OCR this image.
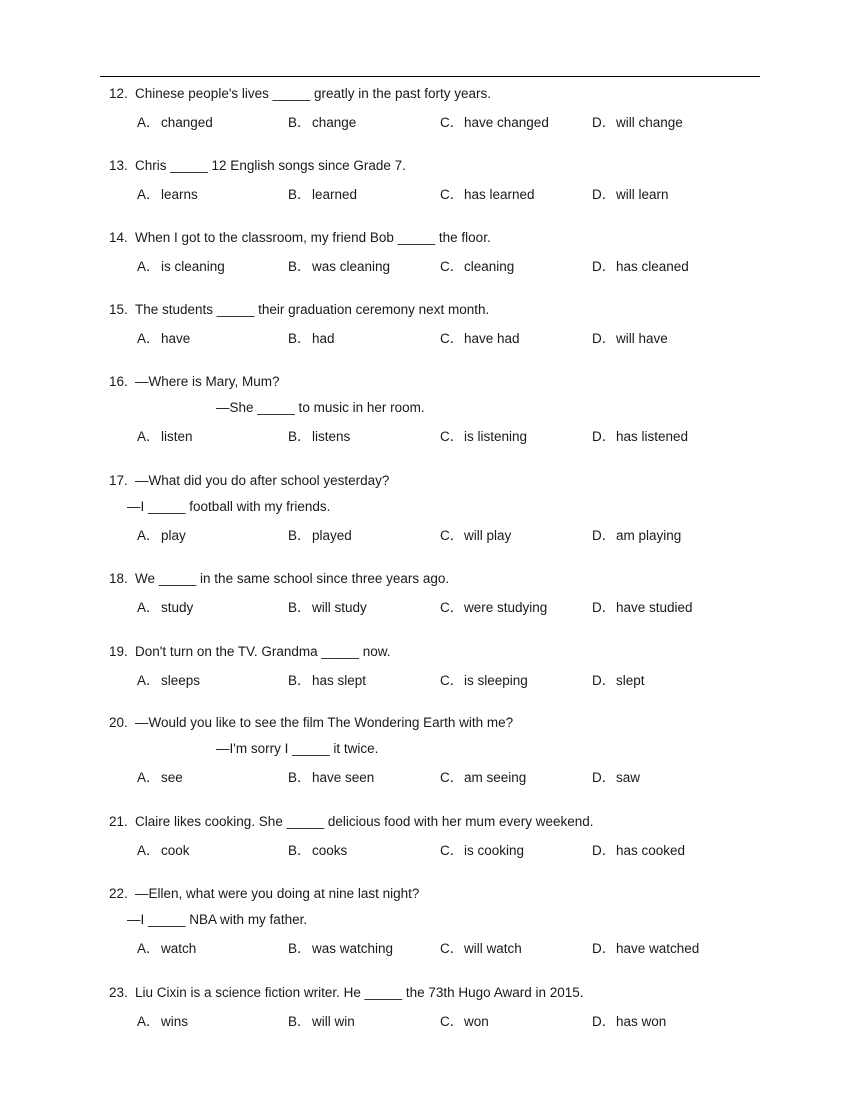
12. Chinese people's lives _____ greatly in the past forty years.
A．changed	B．change	C．have changed	D．will change
13. Chris _____ 12 English songs since Grade 7.
A．learns	B．learned	C．has learned	D．will learn
14. When I got to the classroom, my friend Bob _____ the floor.
A．is cleaning	B．was cleaning	C．cleaning	D．has cleaned
15. The students _____ their graduation ceremony next month.
A．have	B．had	C．have had	D．will have
16. —Where is Mary, Mum?
—She _____ to music in her room.
A．listen	B．listens	C．is listening	D．has listened
17. —What did you do after school yesterday?
—I _____ football with my friends.
A．play	B．played	C．will play	D．am playing
18. We _____ in the same school since three years ago.
A．study	B．will study	C．were studying	D．have studied
19. Don't turn on the TV. Grandma _____ now.
A．sleeps	B．has slept	C．is sleeping	D．slept
20. —Would you like to see the film The Wondering Earth with me?
—I'm sorry I _____ it twice.
A．see	B．have seen	C．am seeing	D．saw
21. Claire likes cooking. She _____ delicious food with her mum every weekend.
A．cook	B．cooks	C．is cooking	D．has cooked
22. —Ellen, what were you doing at nine last night?
—I _____ NBA with my father.
A．watch	B．was watching	C．will watch	D．have watched
23. Liu Cixin is a science fiction writer. He _____ the 73th Hugo Award in 2015.
A．wins	B．will win	C．won	D．has won
